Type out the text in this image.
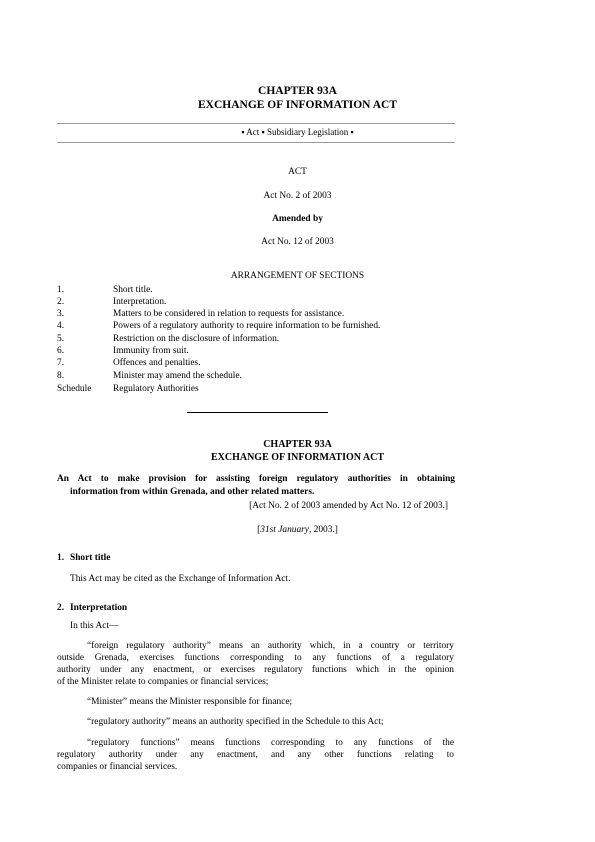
CHAPTER 93A
EXCHANGE OF INFORMATION ACT
▪ Act ▪ Subsidiary Legislation ▪
ACT
Act No. 2 of 2003
Amended by
Act No. 12 of 2003
ARRANGEMENT OF SECTIONS
1.	Short title.
2.	Interpretation.
3.	Matters to be considered in relation to requests for assistance.
4.	Powers of a regulatory authority to require information to be furnished.
5.	Restriction on the disclosure of information.
6.	Immunity from suit.
7.	Offences and penalties.
8.	Minister may amend the schedule.
Schedule Regulatory Authorities
CHAPTER 93A
EXCHANGE OF INFORMATION ACT
An Act to make provision for assisting foreign regulatory authorities in obtaining
information from within Grenada, and other related matters.
[Act No. 2 of 2003 amended by Act No. 12 of 2003.]
[31st January, 2003.]
1. Short title
This Act may be cited as the Exchange of Information Act.
2. Interpretation
In this Act—
“foreign regulatory authority” means an authority which, in a country or territory
outside Grenada, exercises functions corresponding to any functions of a regulatory
authority under any enactment, or exercises regulatory functions which in the opinion
of the Minister relate to companies or financial services;
“Minister” means the Minister responsible for finance;
“regulatory authority” means an authority specified in the Schedule to this Act;
“regulatory functions” means functions corresponding to any functions of the
regulatory authority under any enactment, and any other functions relating to
companies or financial services.
